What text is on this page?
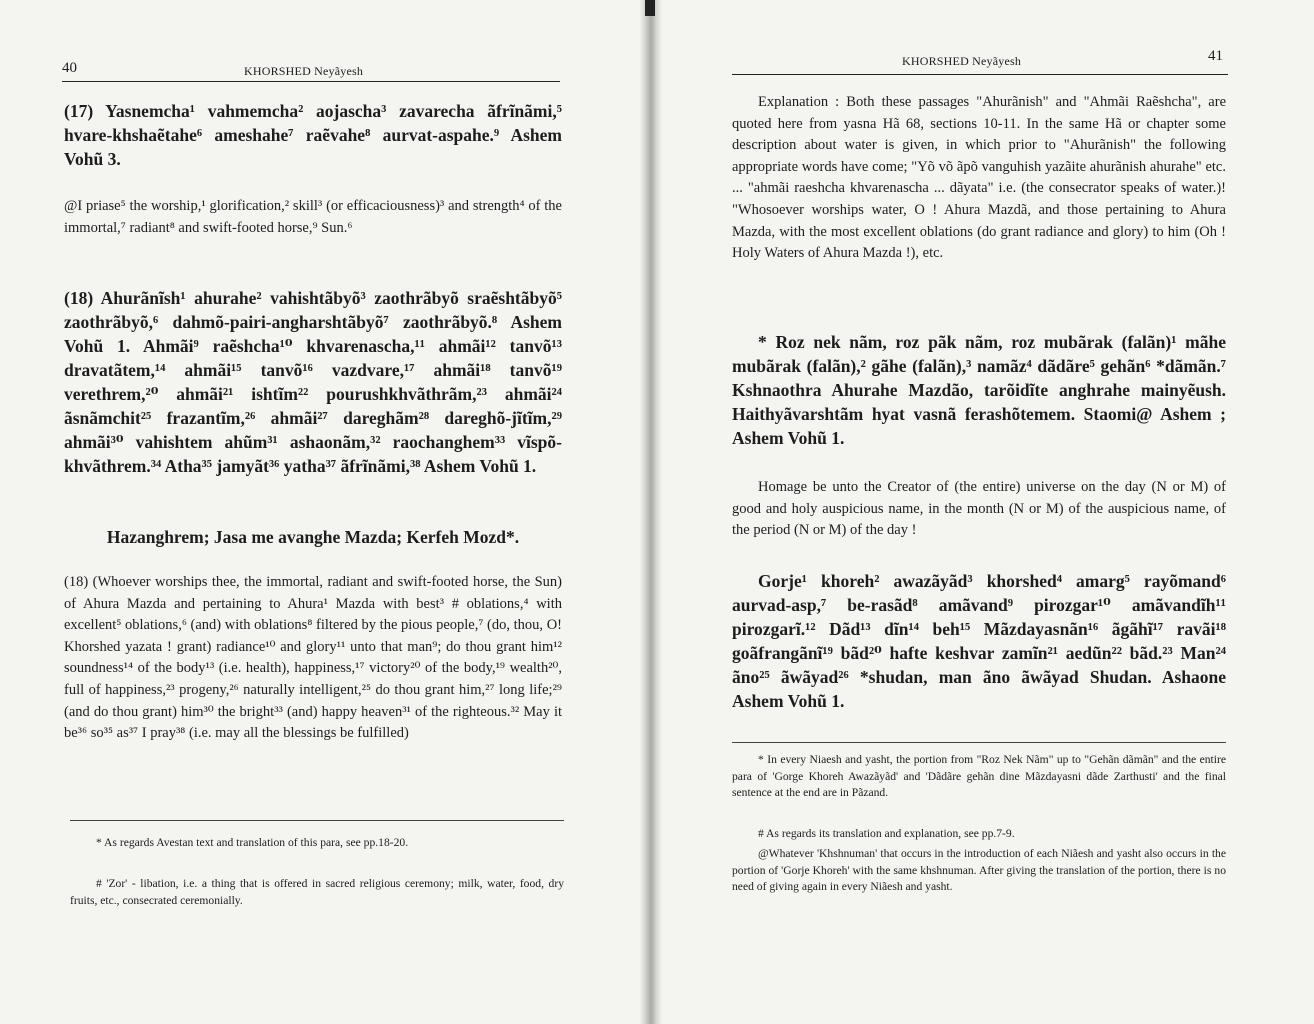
40	KHORSHED Neyãyesh

(17) Yasnemcha¹ vahmemcha² aojascha³ zavarecha ãfrĩnãmi,⁵ hvare-khshaẽtahe⁶ ameshahe⁷ raẽvahe⁸ aurvat-aspahe.⁹ Ashem Vohũ 3.

@I priase⁵ the worship,¹ glorification,² skill³ (or efficaciousness)³ and strength⁴ of the immortal,⁷ radiant⁸ and swift-footed horse,⁹ Sun.⁶

(18) Ahurãnĩsh¹ ahurahe² vahishtãbyõ³ zaothrãbyõ sraẽshtãbyõ⁵ zaothrãbyõ,⁶ dahmõ-pairi-angharshtãbyõ⁷ zaothrãbyõ.⁸ Ashem Vohũ 1. Ahmãi⁹ raẽshcha¹⁰ khvarenascha,¹¹ ahmãi¹² tanvõ¹³ dravatãtem,¹⁴ ahmãi¹⁵ tanvõ¹⁶ vazdvare,¹⁷ ahmãi¹⁸ tanvõ¹⁹ verethrem,²⁰ ahmãi²¹ ishtĩm²² pourushkhvãthrãm,²³ ahmãi²⁴ ãsnãmchit²⁵ frazantĩm,²⁶ ahmãi²⁷ dareghãm²⁸ dareghõ-jĩtĩm,²⁹ ahmãi³⁰ vahishtem ahũm³¹ ashaonãm,³² raochanghem³³ vĩspõ-khvãthrem.³⁴ Atha³⁵ jamyãt³⁶ yatha³⁷ ãfrĩnãmi,³⁸ Ashem Vohũ 1.

Hazanghrem; Jasa me avanghe Mazda; Kerfeh Mozd*.

(18) (Whoever worships thee, the immortal, radiant and swift-footed horse, the Sun) of Ahura Mazda and pertaining to Ahura¹ Mazda with best³ # oblations,⁴ with excellent⁵ oblations,⁶ (and) with oblations⁸ filtered by the pious people,⁷ (do, thou, O! Khorshed yazata ! grant) radiance¹⁰ and glory¹¹ unto that man⁹; do thou grant him¹² soundness¹⁴ of the body¹³ (i.e. health), happiness,¹⁷ victory²⁰ of the body,¹⁹ wealth²⁰, full of happiness,²³ progeny,²⁶ naturally intelligent,²⁵ do thou grant him,²⁷ long life;²⁹ (and do thou grant) him³⁰ the bright³³ (and) happy heaven³¹ of the righteous.³² May it be³⁶ so³⁵ as³⁷ I pray³⁸ (i.e. may all the blessings be fulfilled)

* As regards Avestan text and translation of this para, see pp.18-20.

# 'Zor' - libation, i.e. a thing that is offered in sacred religious ceremony; milk, water, food, dry fruits, etc., consecrated ceremonially.

KHORSHED Neyãyesh	41

Explanation : Both these passages "Ahurãnish" and "Ahmãi Raẽshcha", are quoted here from yasna Hã 68, sections 10-11. In the same Hã or chapter some description about water is given, in which prior to "Ahurãnish" the following appropriate words have come; "Yõ võ ãpõ vanguhish yazãite ahurãnish ahurahe" etc. ... "ahmãi raeshcha khvarenascha ... dãyata" i.e. (the consecrator speaks of water.)! "Whosoever worships water, O ! Ahura Mazdã, and those pertaining to Ahura Mazda, with the most excellent oblations (do grant radiance and glory) to him (Oh ! Holy Waters of Ahura Mazda !), etc.

* Roz nek nãm, roz pãk nãm, roz mubãrak (falãn)¹ mãhe mubãrak (falãn),² gãhe (falãn),³ namãz⁴ dãdãre⁵ gehãn⁶ *dãmãn.⁷ Kshnaothra Ahurahe Mazdão, tarõidĩte anghrahe mainyẽush. Haithyãvarshtãm hyat vasnã ferashõtemem. Staomi@ Ashem ; Ashem Vohũ 1.

Homage be unto the Creator of (the entire) universe on the day (N or M) of good and holy auspicious name, in the month (N or M) of the auspicious name, of the period (N or M) of the day !

Gorje¹ khoreh² awazãyãd³ khorshed⁴ amarg⁵ rayõmand⁶ aurvad-asp,⁷ be-rasãd⁸ amãvand⁹ pirozgar¹⁰ amãvandĩh¹¹ pirozgarĩ.¹² Dãd¹³ dĩn¹⁴ beh¹⁵ Mãzdayasnãn¹⁶ ãgãhĩ¹⁷ ravãi¹⁸ goãfrangãnĩ¹⁹ bãd²⁰ hafte keshvar zamĩn²¹ aedũn²² bãd.²³ Man²⁴ ãno²⁵ ãwãyad²⁶ *shudan, man ãno ãwãyad Shudan. Ashaone Ashem Vohũ 1.

* In every Niaesh and yasht, the portion from "Roz Nek Nãm" up to "Gehãn dãmãn" and the entire para of 'Gorge Khoreh Awazãyãd' and 'Dãdãre gehãn dine Mãzdayasni dãde Zarthusti' and the final sentence at the end are in Pãzand.

# As regards its translation and explanation, see pp.7-9.

@Whatever 'Khshnuman' that occurs in the introduction of each Niãesh and yasht also occurs in the portion of 'Gorje Khoreh' with the same khshnuman. After giving the translation of the portion, there is no need of giving again in every Niãesh and yasht.
